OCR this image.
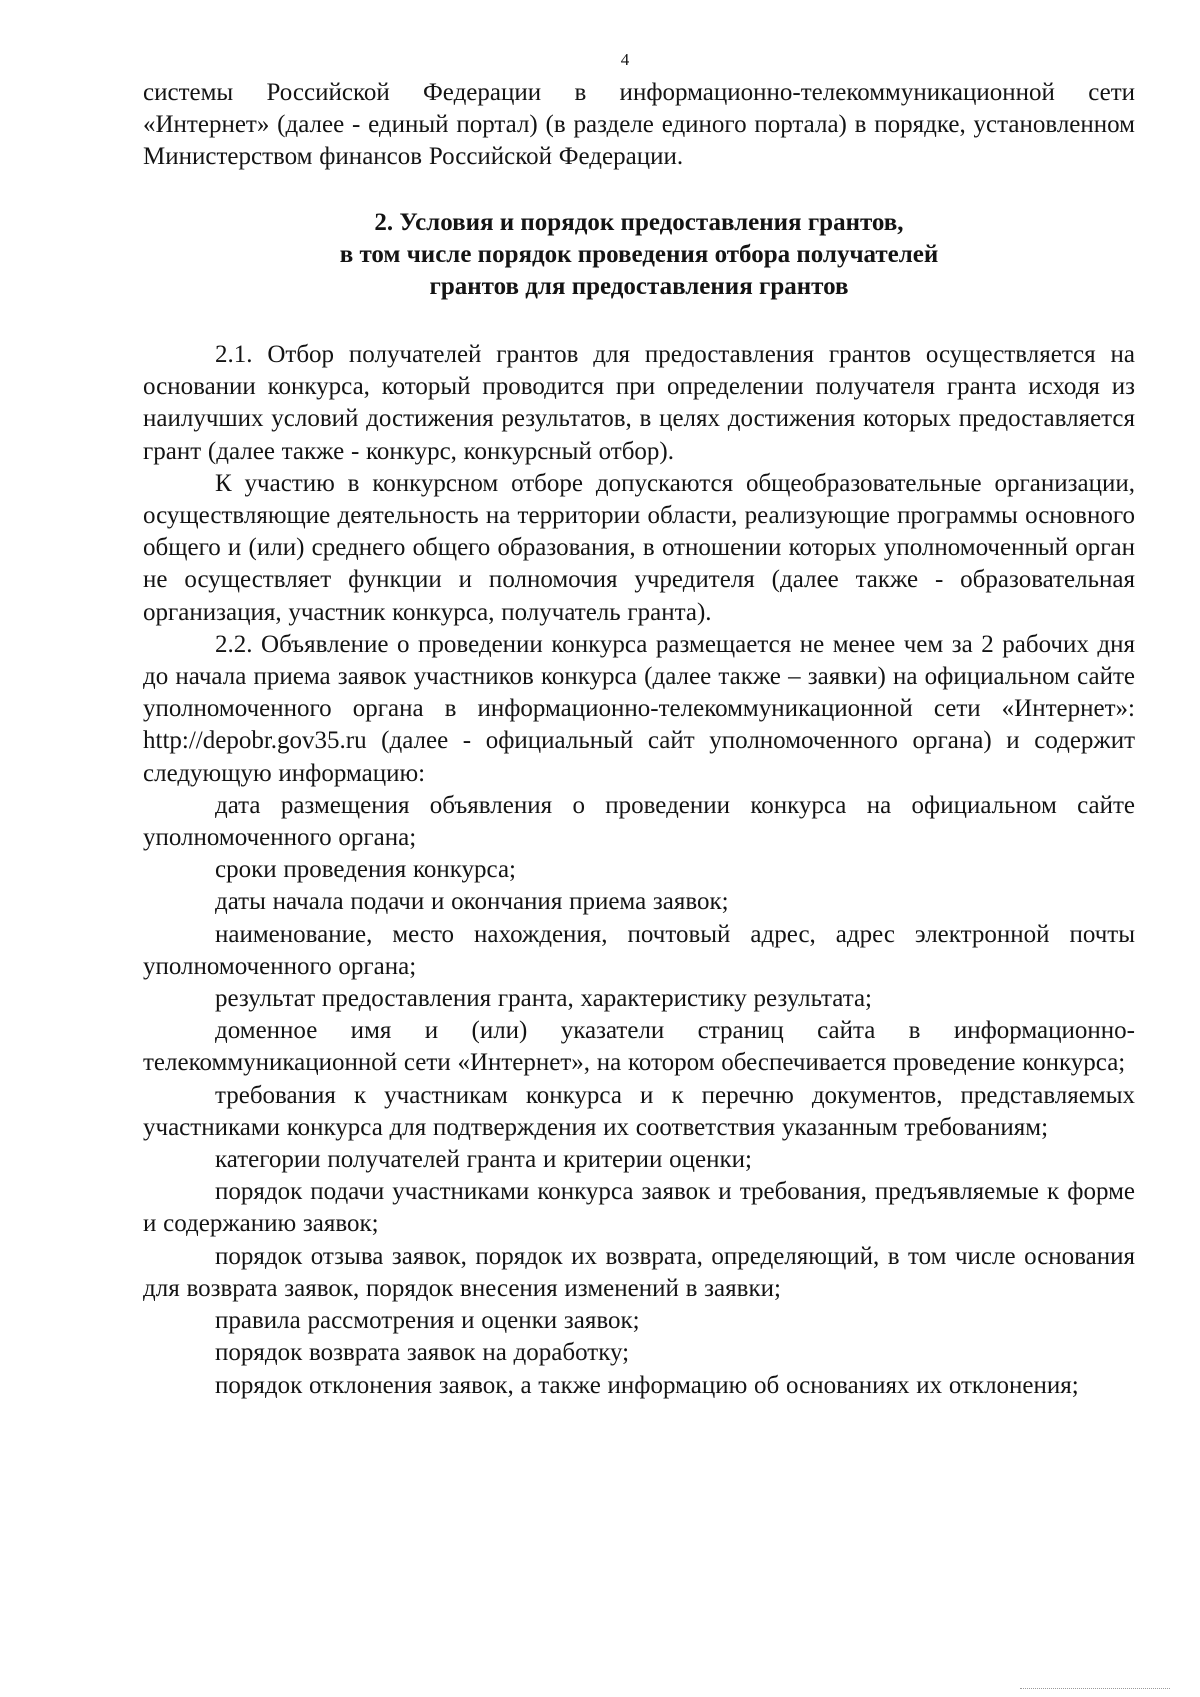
4

системы Российской Федерации в информационно-телекоммуникационной сети «Интернет» (далее - единый портал) (в разделе единого портала) в порядке, установленном Министерством финансов Российской Федерации.

2. Условия и порядок предоставления грантов,
в том числе порядок проведения отбора получателей
грантов для предоставления грантов

2.1. Отбор получателей грантов для предоставления грантов осуществляется на основании конкурса, который проводится при определении получателя гранта исходя из наилучших условий достижения результатов, в целях достижения которых предоставляется грант (далее также - конкурс, конкурсный отбор).

К участию в конкурсном отборе допускаются общеобразовательные организации, осуществляющие деятельность на территории области, реализующие программы основного общего и (или) среднего общего образования, в отношении которых уполномоченный орган не осуществляет функции и полномочия учредителя (далее также - образовательная организация, участник конкурса, получатель гранта).

2.2. Объявление о проведении конкурса размещается не менее чем за 2 рабочих дня до начала приема заявок участников конкурса (далее также – заявки) на официальном сайте уполномоченного органа в информационно-телекоммуникационной сети «Интернет»: http://depobr.gov35.ru (далее - официальный сайт уполномоченного органа) и содержит следующую информацию:

дата размещения объявления о проведении конкурса на официальном сайте уполномоченного органа;

сроки проведения конкурса;

даты начала подачи и окончания приема заявок;

наименование, место нахождения, почтовый адрес, адрес электронной почты уполномоченного органа;

результат предоставления гранта, характеристику результата;

доменное имя и (или) указатели страниц сайта в информационно-телекоммуникационной сети «Интернет», на котором обеспечивается проведение конкурса;

требования к участникам конкурса и к перечню документов, представляемых участниками конкурса для подтверждения их соответствия указанным требованиям;

категории получателей гранта и критерии оценки;

порядок подачи участниками конкурса заявок и требования, предъявляемые к форме и содержанию заявок;

порядок отзыва заявок, порядок их возврата, определяющий, в том числе основания для возврата заявок, порядок внесения изменений в заявки;

правила рассмотрения и оценки заявок;

порядок возврата заявок на доработку;

порядок отклонения заявок, а также информацию об основаниях их отклонения;
